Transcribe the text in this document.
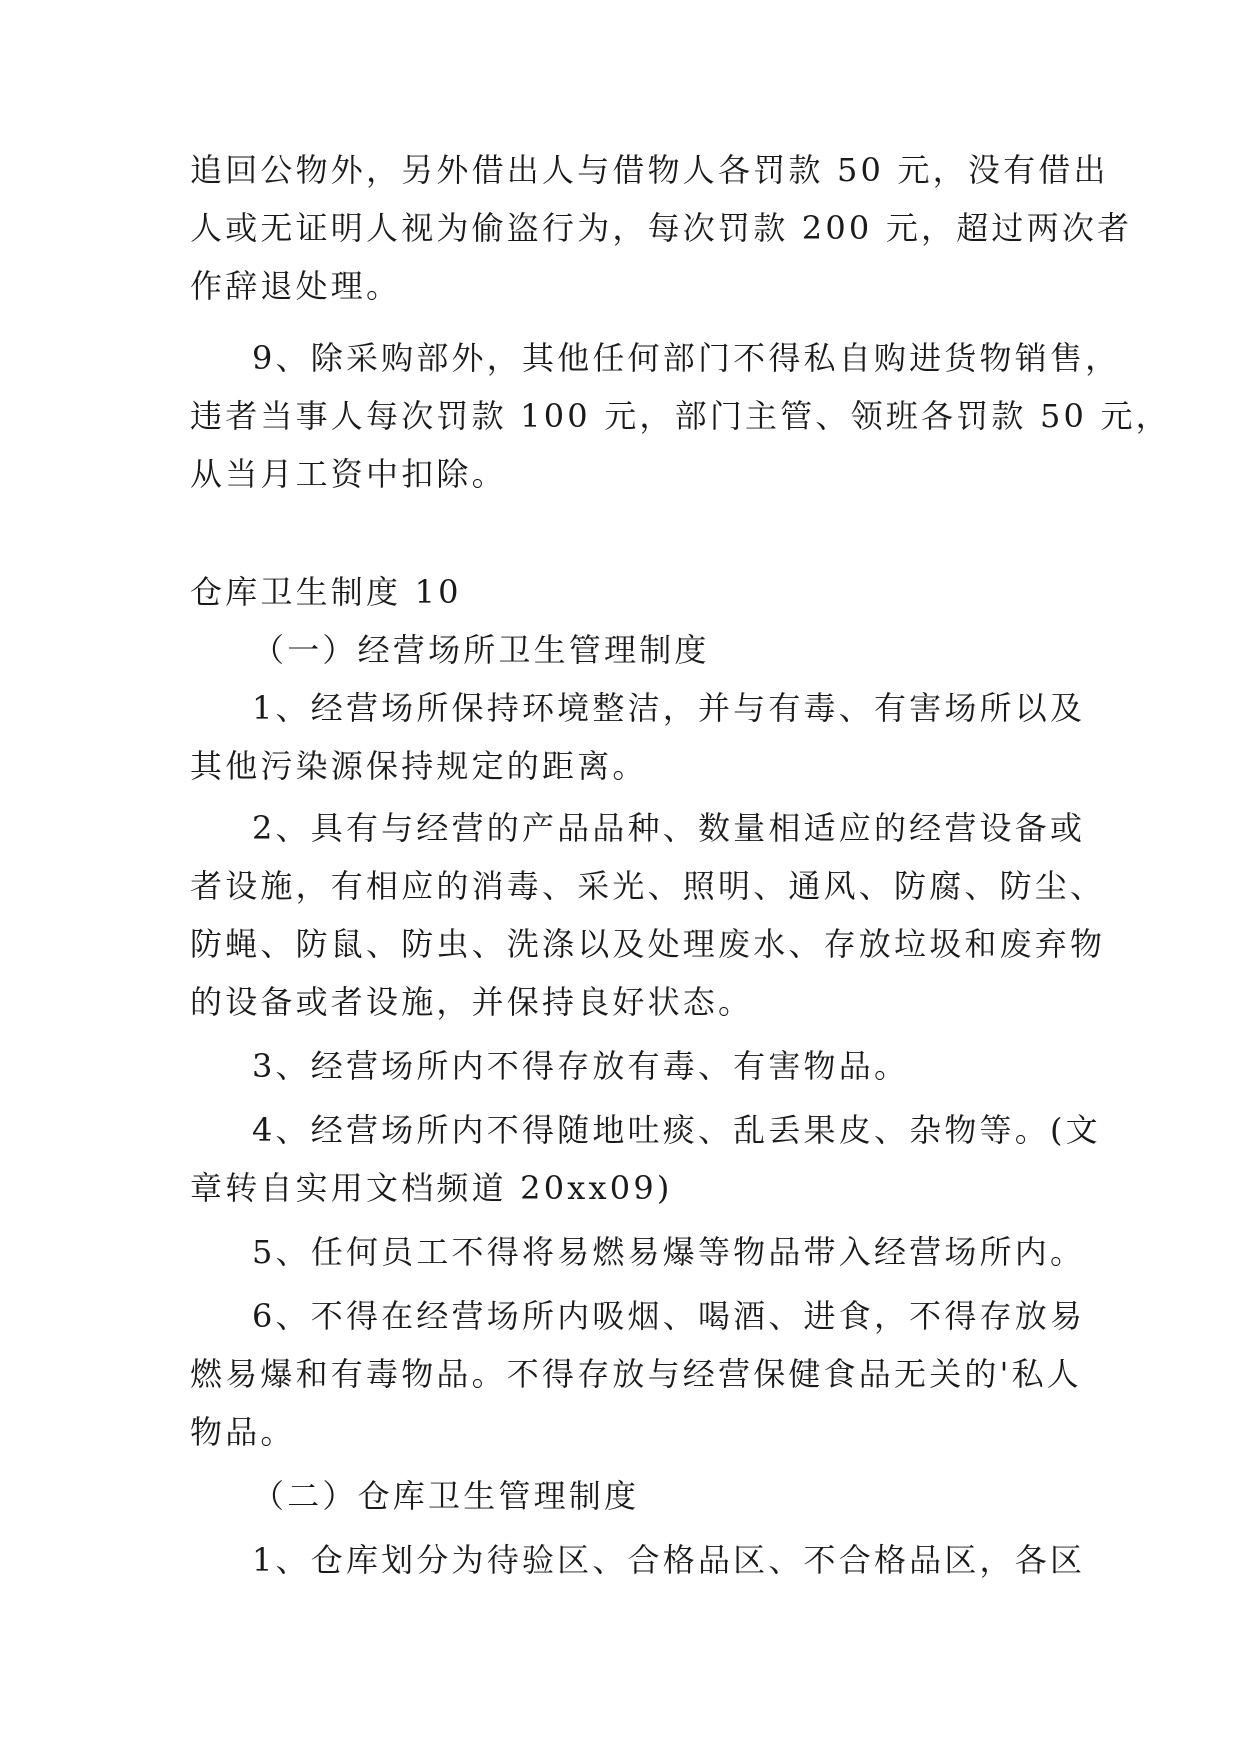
追回公物外，另外借出人与借物人各罚款 50 元，没有借出
人或无证明人视为偷盗行为，每次罚款 200 元，超过两次者
作辞退处理。
9、除采购部外，其他任何部门不得私自购进货物销售，
违者当事人每次罚款 100 元，部门主管、领班各罚款 50 元，
从当月工资中扣除。
仓库卫生制度 10
（一）经营场所卫生管理制度
1、经营场所保持环境整洁，并与有毒、有害场所以及
其他污染源保持规定的距离。
2、具有与经营的产品品种、数量相适应的经营设备或
者设施，有相应的消毒、采光、照明、通风、防腐、防尘、
防蝇、防鼠、防虫、洗涤以及处理废水、存放垃圾和废弃物
的设备或者设施，并保持良好状态。
3、经营场所内不得存放有毒、有害物品。
4、经营场所内不得随地吐痰、乱丢果皮、杂物等。(文
章转自实用文档频道 20xx09)
5、任何员工不得将易燃易爆等物品带入经营场所内。
6、不得在经营场所内吸烟、喝酒、进食，不得存放易
燃易爆和有毒物品。不得存放与经营保健食品无关的'私人
物品。
（二）仓库卫生管理制度
1、仓库划分为待验区、合格品区、不合格品区，各区
